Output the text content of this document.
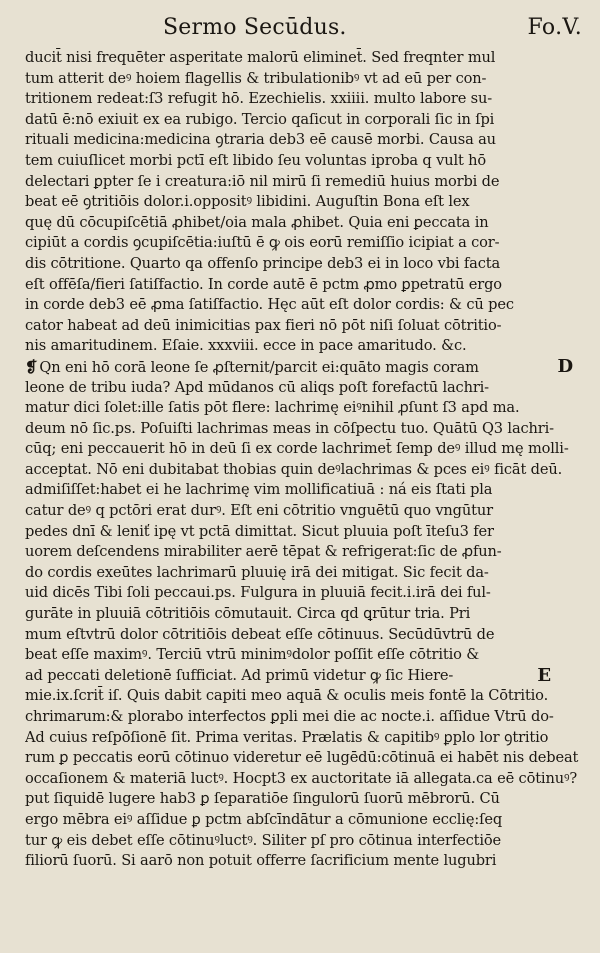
Sermo Secūdus.	Fo.V.
ducit̄ nisi frequēter asperitate malorū eliminet̄. Sed freqnter mul
tum atterit deꝰ hoiem flagellis & tribulationibꝰ vt ad eū per con-
tritionem redeat:ſ3 refugit hō. Ezechielis. xxiiii. multo labore su-
datū ē:nō exiuit ex ea rubigo. Tercio qaſicut in corporali ſic in ſpi
rituali medicina:medicina ꝯtraria deb3 eē causē morbi. Causa au
tem cuiuſlicet morbi pctī eſt libido ſeu voluntas iproba q vult hō
delectari ꝑpter ſe i creatura:iō nil mirū ſi remediū huius morbi de
beat eē ꝯtritiōis dolor.i.oppositꝰ libidini. Auguſtin Bona eſt lex
quę dū cōcupiſcētiā ꝓhibet/oia mala ꝓhibet. Quia eni ꝑeccata in
cipiūt a cordis ꝯcupiſcētia:iuſtū ē ꝙ ois eorū remiſſio icipiat a cor-
dis cōtritione. Quarto qa offenſo principe deb3 ei in loco vbi facta
eſt offēſa/fieri ſatiſfactio. In corde autē ē pctm ꝓmo ꝑpetratū ergo
in corde deb3 eē ꝓma ſatiſfactio. Hęc aūt eſt dolor cordis: & cū pec
cator habeat ad deū inimicitias pax fieri nō pōt niſi ſoluat cōtritio-
nis amaritudinem. Eſaie. xxxviii. ecce in pace amaritudo. &c.
❡ Qn eni hō corā leone ſe ꝓſternit/parcit ei:quāto magis coram	D
leone de tribu iuda? Apd mūdanos cū aliqs poſt forefactū lachri-
matur dici ſolet:ille ſatis pōt flere: lachrimę eiꝰnihil ꝓſunt ſ3 apd ma.
deum nō ſic.ps. Poſuiſti lachrimas meas in cōſpectu tuo. Quātū Q3 lachri-
cūq; eni peccauerit hō in deū ſi ex corde lachrimet̄ ſemp deꝰ illud mę molli-
acceptat. Nō eni dubitabat thobias quin deꝰlachrimas & pces eiꝰ ficāt deū.
admiſiſſet:habet ei he lachrimę vim mollificatiuā : ná eis ſtati pla
catur deꝰ q pctōri erat durꝰ. Eſt eni cōtritio vnguētū quo vngūtur
pedes dnī & leniť ipę vt pctā dimittat. Sicut pluuia poſt īteſu3 fer
uorem deſcendens mirabiliter aerē tēpat & refrigerat:ſic de ꝓfun-
do cordis exeūtes lachrimarū pluuię irā dei mitigat. Sic fecit da-
uid dicēs Tibi ſoli peccaui.ps. Fulgura in pluuiā fecit.i.irā dei ful-
gurāte in pluuiā cōtritiōis cōmutauit. Circa qd ꝗrūtur tria. Pri
mum eſtvtrū dolor cōtritiōis debeat eſſe cōtinuus. Secūdūvtrū de
beat eſſe maximꝰ. Terciū vtrū minimꝰdolor poſſit eſſe cōtritio &
ad peccati deletionē ſufficiat. Ad primū videtur ꝙ ſic Hiere-	E
mie.ix.ſcrit̄ iſ. Quis dabit capiti meo aquā & oculis meis fontē la Cōtritio.
chrimarum:& plorabo interfectos ꝑpli mei die ac nocte.i. aſſidue Vtrū do-
Ad cuius reſpōſionē ſit. Prima veritas. Prælatis & capitibꝰ ꝑplo lor ꝯtritio
rum ꝑ peccatis eorū cōtinuo videretur eē lugēdū:cōtinuā ei habēt nis debeat
occaſionem & materiā luctꝰ. Hocpt3 ex auctoritate iā allegata.ca eē cōtinuꝰ?
put ſiquidē lugere hab3 ꝑ ſeparatiōe ſingulorū ſuorū mēbrorū. Cū
ergo mēbra eiꝰ aſſidue ꝑ pctm abſcīndātur a cōmunione ecclię:ſeq
tur ꝙ eis debet eſſe cōtinuꝰluctꝰ. Siliter pſ pro cōtinua interfectiōe
filiorū ſuorū. Si aarō non potuit offerre ſacrificium mente lugubri
